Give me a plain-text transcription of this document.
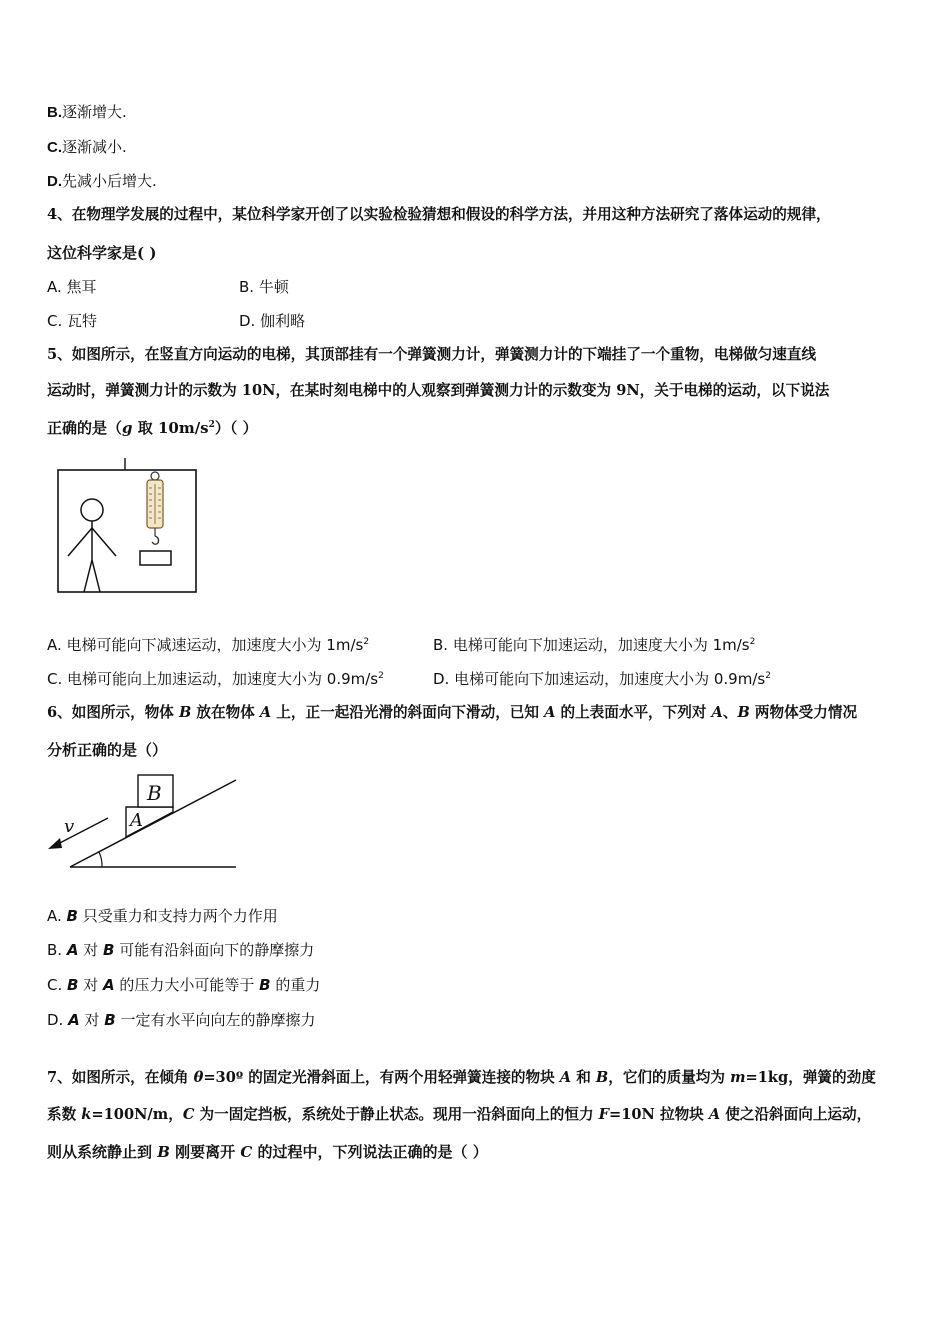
B.逐渐增大.
C.逐渐减小.
D.先减小后增大.
4、在物理学发展的过程中，某位科学家开创了以实验检验猜想和假设的科学方法，并用这种方法研究了落体运动的规律，
这位科学家是( )
A. 焦耳	B. 牛顿
C. 瓦特	D. 伽利略
5、如图所示，在竖直方向运动的电梯，其顶部挂有一个弹簧测力计，弹簧测力计的下端挂了一个重物，电梯做匀速直线
运动时，弹簧测力计的示数为 10N，在某时刻电梯中的人观察到弹簧测力计的示数变为 9N，关于电梯的运动，以下说法
正确的是（g 取 $10m/s^2$）（ ）
A. 电梯可能向下减速运动，加速度大小为 $1m/s^2$	B. 电梯可能向下加速运动，加速度大小为 $1m/s^2$
C. 电梯可能向上加速运动，加速度大小为 $0.9m/s^2$	D. 电梯可能向下加速运动，加速度大小为 $0.9m/s^2$
6、如图所示，物体 B 放在物体 A 上，正一起沿光滑的斜面向下滑动，已知 A 的上表面水平，下列对 A、B 两物体受力情况
分析正确的是（）
B
A
v
A. B 只受重力和支持力两个力作用
B. A 对 B 可能有沿斜面向下的静摩擦力
C. B 对 A 的压力大小可能等于 B 的重力
D. A 对 B 一定有水平向向左的静摩擦力
7、如图所示，在倾角 θ=30º 的固定光滑斜面上，有两个用轻弹簧连接的物块 A 和 B，它们的质量均为 m=1kg，弹簧的劲度
系数 k=100N/m，C 为一固定挡板，系统处于静止状态。现用一沿斜面向上的恒力 F=10N 拉物块 A 使之沿斜面向上运动，
则从系统静止到 B 刚要离开 C 的过程中，下列说法正确的是（ ）
